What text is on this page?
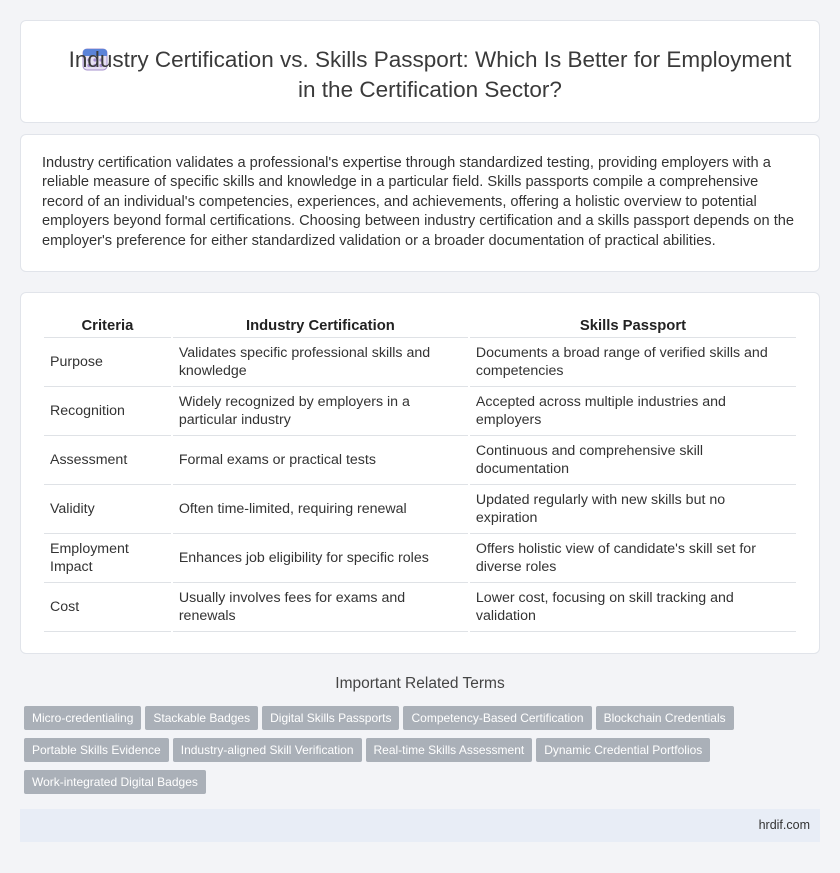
Industry Certification vs. Skills Passport: Which Is Better for Employment in the Certification Sector?

Industry certification validates a professional's expertise through standardized testing, providing employers with a reliable measure of specific skills and knowledge in a particular field. Skills passports compile a comprehensive record of an individual's competencies, experiences, and achievements, offering a holistic overview to potential employers beyond formal certifications. Choosing between industry certification and a skills passport depends on the employer's preference for either standardized validation or a broader documentation of practical abilities.

Criteria	Industry Certification	Skills Passport
Purpose	Validates specific professional skills and knowledge	Documents a broad range of verified skills and competencies
Recognition	Widely recognized by employers in a particular industry	Accepted across multiple industries and employers
Assessment	Formal exams or practical tests	Continuous and comprehensive skill documentation
Validity	Often time-limited, requiring renewal	Updated regularly with new skills but no expiration
Employment Impact	Enhances job eligibility for specific roles	Offers holistic view of candidate's skill set for diverse roles
Cost	Usually involves fees for exams and renewals	Lower cost, focusing on skill tracking and validation
Important Related Terms
Micro-credentialing Stackable Badges Digital Skills Passports Competency-Based Certification Blockchain CredentialsPortable Skills Evidence Industry-aligned Skill Verification Real-time Skills Assessment Dynamic Credential PortfoliosWork-integrated Digital Badges
hrdif.com
